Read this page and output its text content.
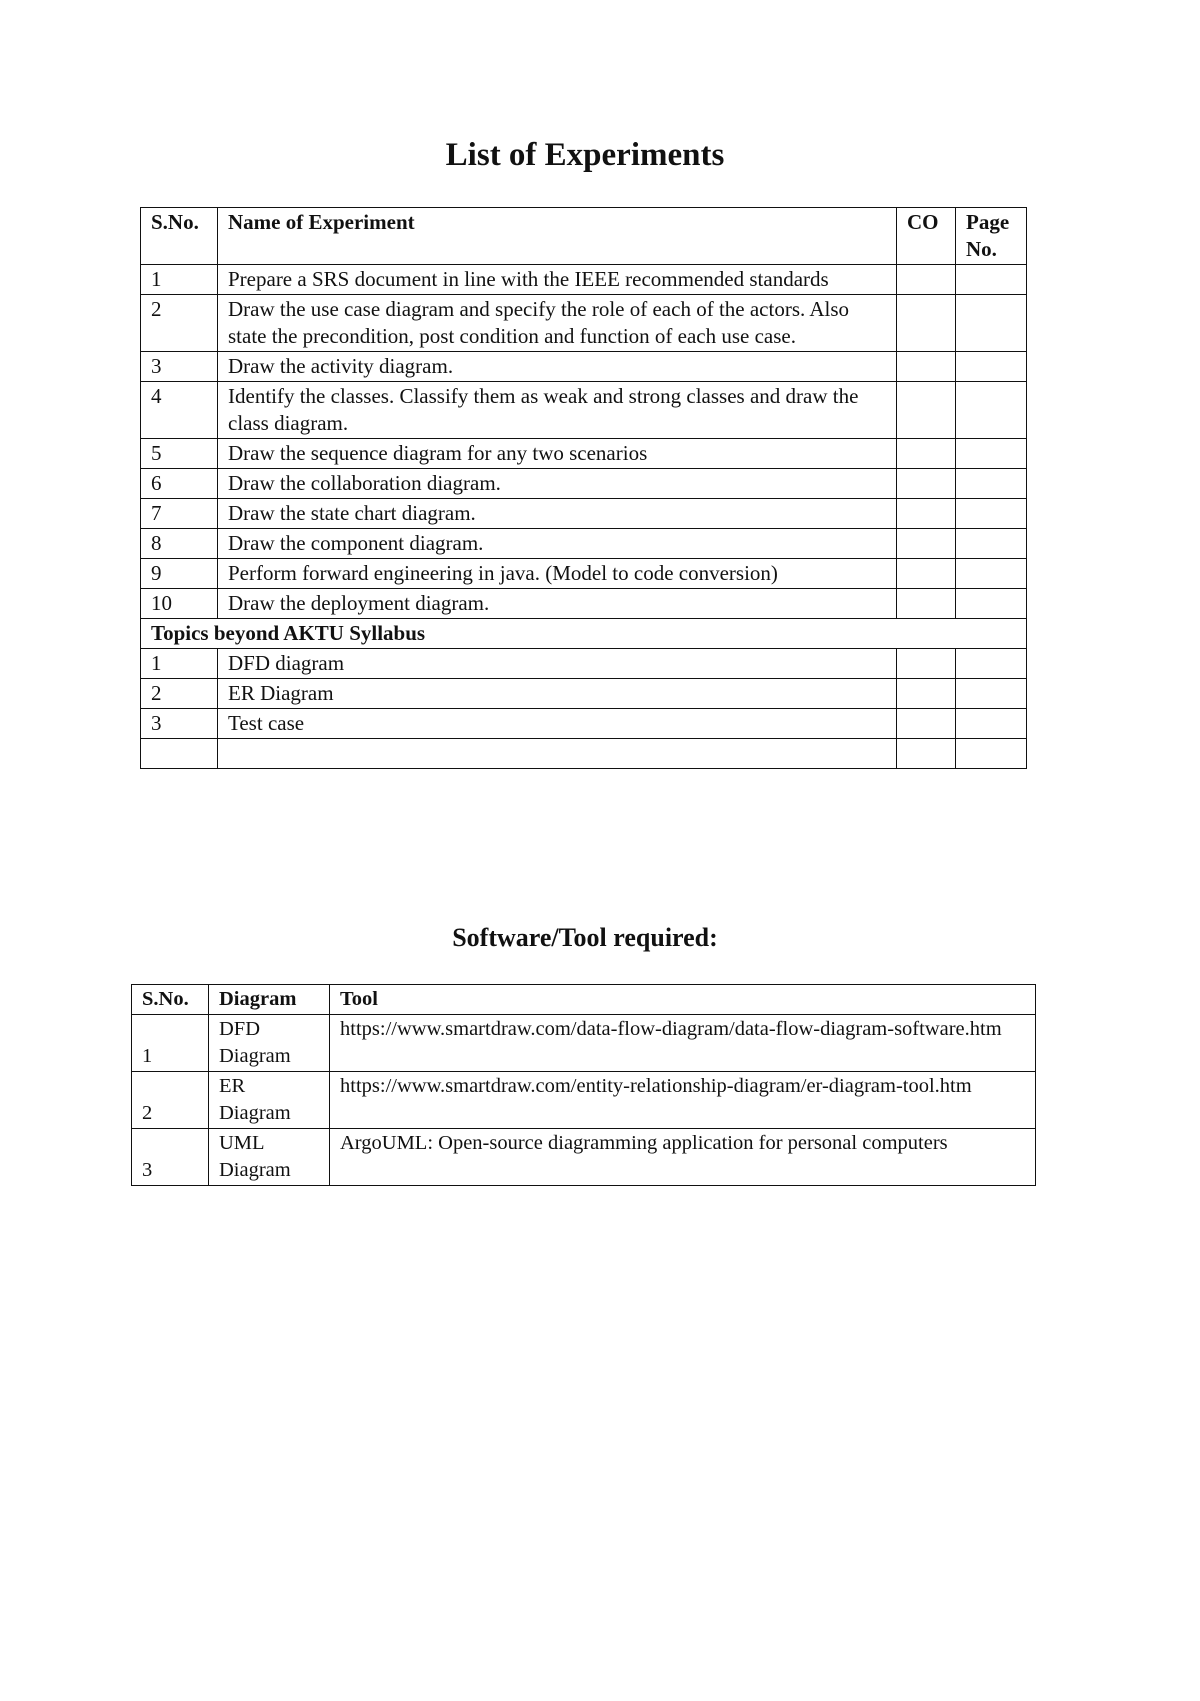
List of Experiments
S.No.	Name of Experiment	CO	Page No.
1	Prepare a SRS document in line with the IEEE recommended standards		
2	Draw the use case diagram and specify the role of each of the actors. Also state the precondition, post condition and function of each use case.		
3	Draw the activity diagram.		
4	Identify the classes. Classify them as weak and strong classes and draw the class diagram.		
5	Draw the sequence diagram for any two scenarios		
6	Draw the collaboration diagram.		
7	Draw the state chart diagram.		
8	Draw the component diagram.		
9	Perform forward engineering in java. (Model to code conversion)		
10	Draw the deployment diagram.		
Topics beyond AKTU Syllabus			
1	DFD diagram		
2	ER Diagram		
3	Test case		

Software/Tool required:
S.No.	Diagram	Tool
1	DFD Diagram	https://www.smartdraw.com/data-flow-diagram/data-flow-diagram-software.htm
2	ER Diagram	https://www.smartdraw.com/entity-relationship-diagram/er-diagram-tool.htm
3	UML Diagram	ArgoUML: Open-source diagramming application for personal computers
